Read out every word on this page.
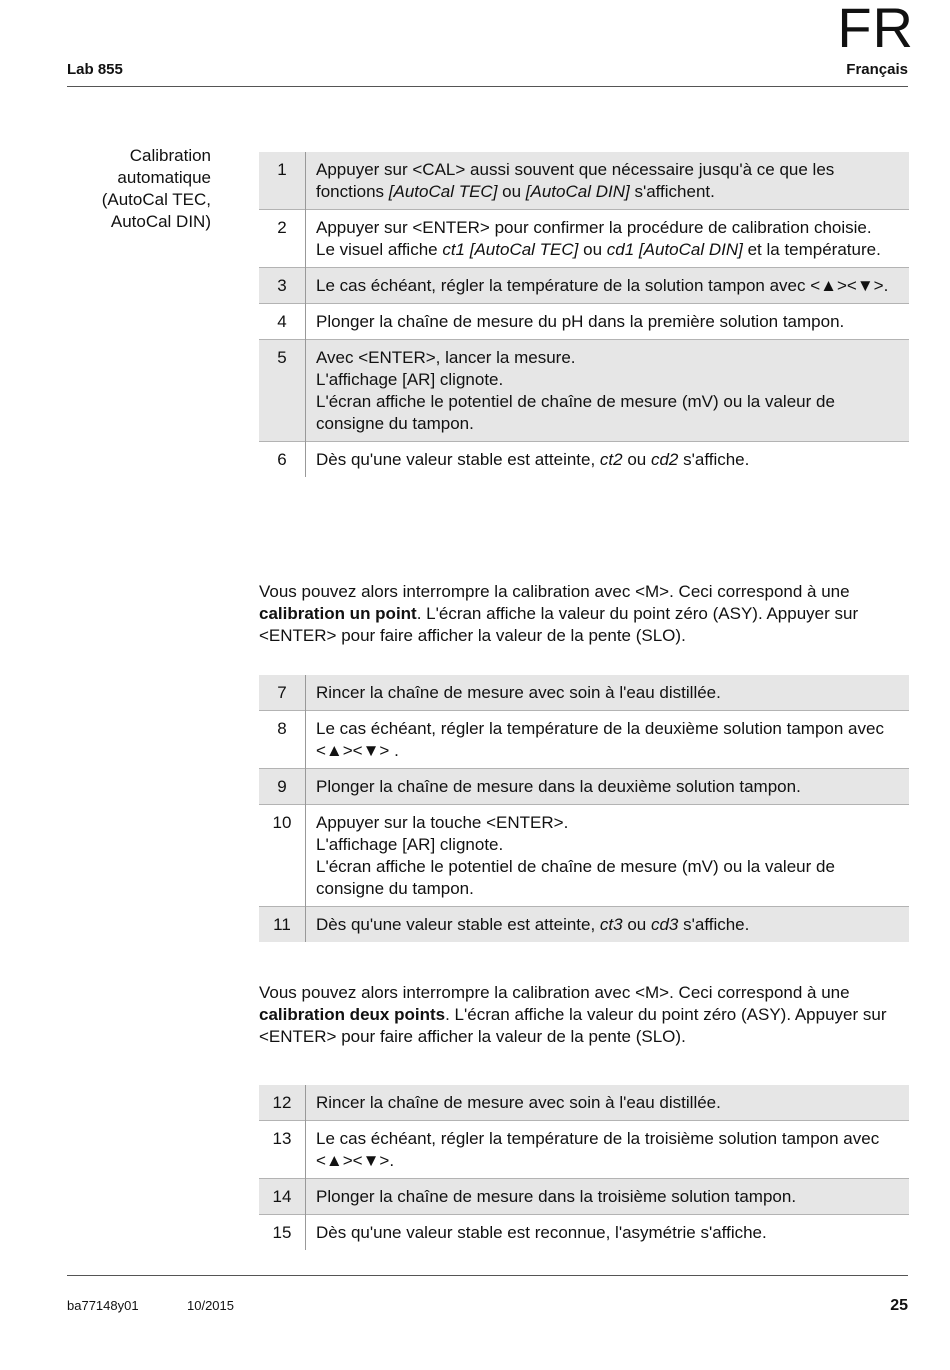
FR
Lab 855	Français
Calibration
automatique
(AutoCal TEC,
AutoCal DIN)
1	Appuyer sur <CAL> aussi souvent que nécessaire jusqu'à ce que les fonctions [AutoCal TEC] ou [AutoCal DIN] s'affichent.
2	Appuyer sur <ENTER> pour confirmer la procédure de calibration choisie.
Le visuel affiche ct1 [AutoCal TEC] ou cd1 [AutoCal DIN] et la température.
3	Le cas échéant, régler la température de la solution tampon avec <▲><▼>.
4	Plonger la chaîne de mesure du pH dans la première solution tampon.
5	Avec <ENTER>, lancer la mesure.
L'affichage [AR] clignote.
L'écran affiche le potentiel de chaîne de mesure (mV) ou la valeur de consigne du tampon.
6	Dès qu'une valeur stable est atteinte, ct2 ou cd2 s'affiche.
Vous pouvez alors interrompre la calibration avec <M>. Ceci correspond à une calibration un point. L'écran affiche la valeur du point zéro (ASY). Appuyer sur <ENTER> pour faire afficher la valeur de la pente (SLO).
7	Rincer la chaîne de mesure avec soin à l'eau distillée.
8	Le cas échéant, régler la température de la deuxième solution tampon avec <▲><▼> .
9	Plonger la chaîne de mesure dans la deuxième solution tampon.
10	Appuyer sur la touche <ENTER>.
L'affichage [AR] clignote.
L'écran affiche le potentiel de chaîne de mesure (mV) ou la valeur de consigne du tampon.
11	Dès qu'une valeur stable est atteinte, ct3 ou cd3 s'affiche.
Vous pouvez alors interrompre la calibration avec <M>. Ceci correspond à une calibration deux points. L'écran affiche la valeur du point zéro (ASY). Appuyer sur <ENTER> pour faire afficher la valeur de la pente (SLO).
12	Rincer la chaîne de mesure avec soin à l'eau distillée.
13	Le cas échéant, régler la température de la troisième solution tampon avec <▲><▼>.
14	Plonger la chaîne de mesure dans la troisième solution tampon.
15	Dès qu'une valeur stable est reconnue, l'asymétrie s'affiche.
ba77148y01	10/2015	25
